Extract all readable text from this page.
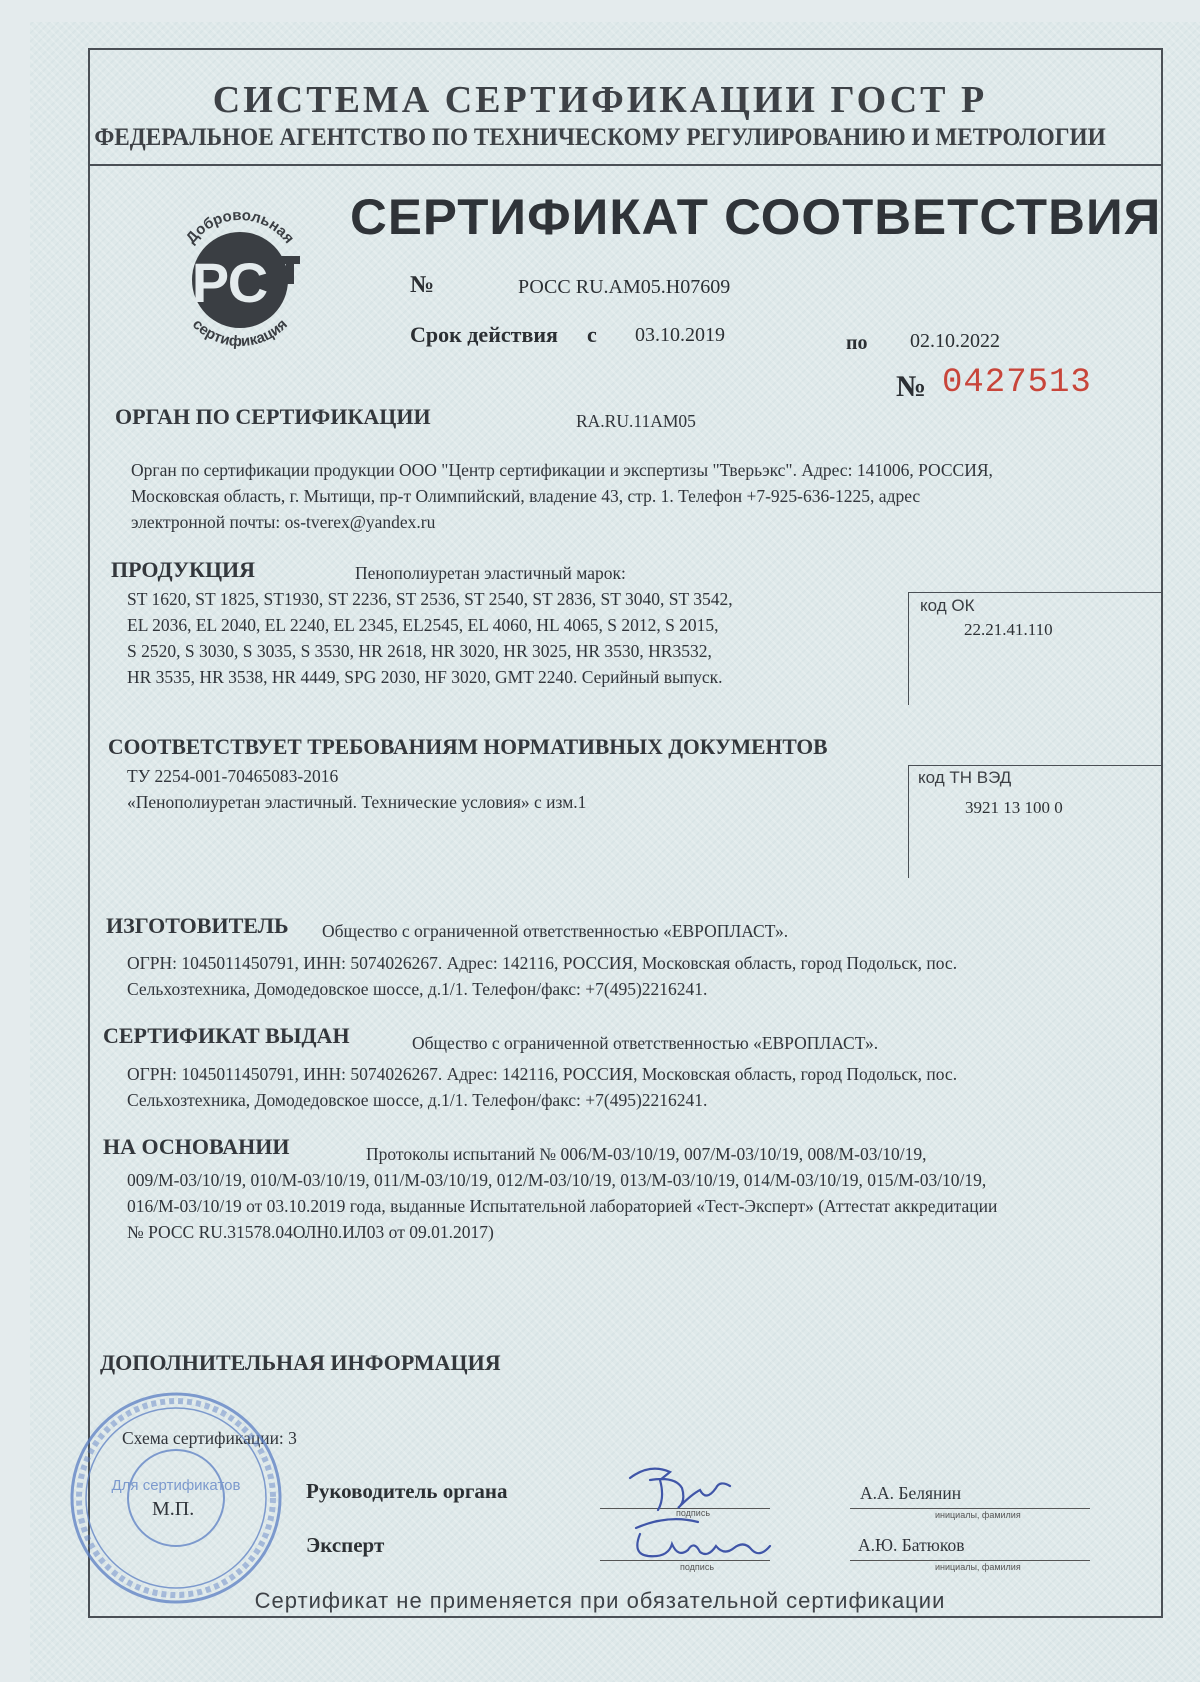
СИСТЕМА СЕРТИФИКАЦИИ ГОСТ Р
ФЕДЕРАЛЬНОЕ АГЕНТСТВО ПО ТЕХНИЧЕСКОМУ РЕГУЛИРОВАНИЮ И МЕТРОЛОГИИ
Добровольная
РС
сертификация
СЕРТИФИКАТ СООТВЕТСТВИЯ
№	РОСС RU.АМ05.Н07609
Срок действия с 03.10.2019	по 02.10.2022
№ 0427513
ОРГАН ПО СЕРТИФИКАЦИИ	RA.RU.11АМ05
Орган по сертификации продукции ООО "Центр сертификации и экспертизы "Тверьэкс". Адрес: 141006, РОССИЯ,
Московская область, г. Мытищи, пр-т Олимпийский, владение 43, стр. 1. Телефон +7-925-636-1225, адрес
электронной почты: os-tverex@yandex.ru
ПРОДУКЦИЯ	Пенополиуретан эластичный марок:
ST 1620, ST 1825, ST1930, ST 2236, ST 2536, ST 2540, ST 2836, ST 3040, ST 3542,
EL 2036, EL 2040, EL 2240, EL 2345, EL2545, EL 4060, HL 4065, S 2012, S 2015,
S 2520, S 3030, S 3035, S 3530, HR 2618, HR 3020, HR 3025, HR 3530, HR3532,
HR 3535, HR 3538, HR 4449, SPG 2030, HF 3020, GMT 2240. Серийный выпуск.
код ОК
22.21.41.110
СООТВЕТСТВУЕТ ТРЕБОВАНИЯМ НОРМАТИВНЫХ ДОКУМЕНТОВ
ТУ 2254-001-70465083-2016
«Пенополиуретан эластичный. Технические условия» с изм.1
код ТН ВЭД
3921 13 100 0
ИЗГОТОВИТЕЛЬ Общество с ограниченной ответственностью «ЕВРОПЛАСТ».
ОГРН: 1045011450791, ИНН: 5074026267. Адрес: 142116, РОССИЯ, Московская область, город Подольск, пос.
Сельхозтехника, Домодедовское шоссе, д.1/1. Телефон/факс: +7(495)2216241.
СЕРТИФИКАТ ВЫДАН	Общество с ограниченной ответственностью «ЕВРОПЛАСТ».
ОГРН: 1045011450791, ИНН: 5074026267. Адрес: 142116, РОССИЯ, Московская область, город Подольск, пос.
Сельхозтехника, Домодедовское шоссе, д.1/1. Телефон/факс: +7(495)2216241.
НА ОСНОВАНИИ	Протоколы испытаний № 006/М-03/10/19, 007/М-03/10/19, 008/М-03/10/19,
009/М-03/10/19, 010/М-03/10/19, 011/М-03/10/19, 012/М-03/10/19, 013/М-03/10/19, 014/М-03/10/19, 015/М-03/10/19,
016/М-03/10/19 от 03.10.2019 года, выданные Испытательной лабораторией «Тест-Эксперт» (Аттестат аккредитации
№ РОСС RU.31578.04ОЛН0.ИЛ03 от 09.01.2017)
ДОПОЛНИТЕЛЬНАЯ ИНФОРМАЦИЯ
Схема сертификации: 3
Для сертификатов
М.П.
Руководитель органа
подпись
А.А. Белянин
инициалы, фамилия
Эксперт
подпись
А.Ю. Батюков
инициалы, фамилия
Сертификат не применяется при обязательной сертификации
